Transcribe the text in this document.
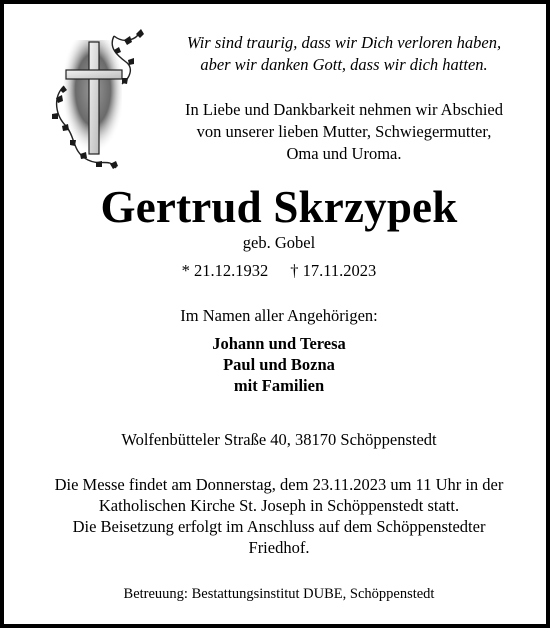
Wir sind traurig, dass wir Dich verloren haben,
aber wir danken Gott, dass wir dich hatten.
In Liebe und Dankbarkeit nehmen wir Abschied
von unserer lieben Mutter, Schwiegermutter,
Oma und Uroma.
Gertrud Skrzypek
geb. Gobel
* 21.12.1932 † 17.11.2023
Im Namen aller Angehörigen:
Johann und Teresa
Paul und Bozna
mit Familien
Wolfenbütteler Straße 40, 38170 Schöppenstedt
Die Messe findet am Donnerstag, dem 23.11.2023 um 11 Uhr in der
Katholischen Kirche St. Joseph in Schöppenstedt statt.
Die Beisetzung erfolgt im Anschluss auf dem Schöppenstedter
Friedhof.
Betreuung: Bestattungsinstitut DUBE, Schöppenstedt
